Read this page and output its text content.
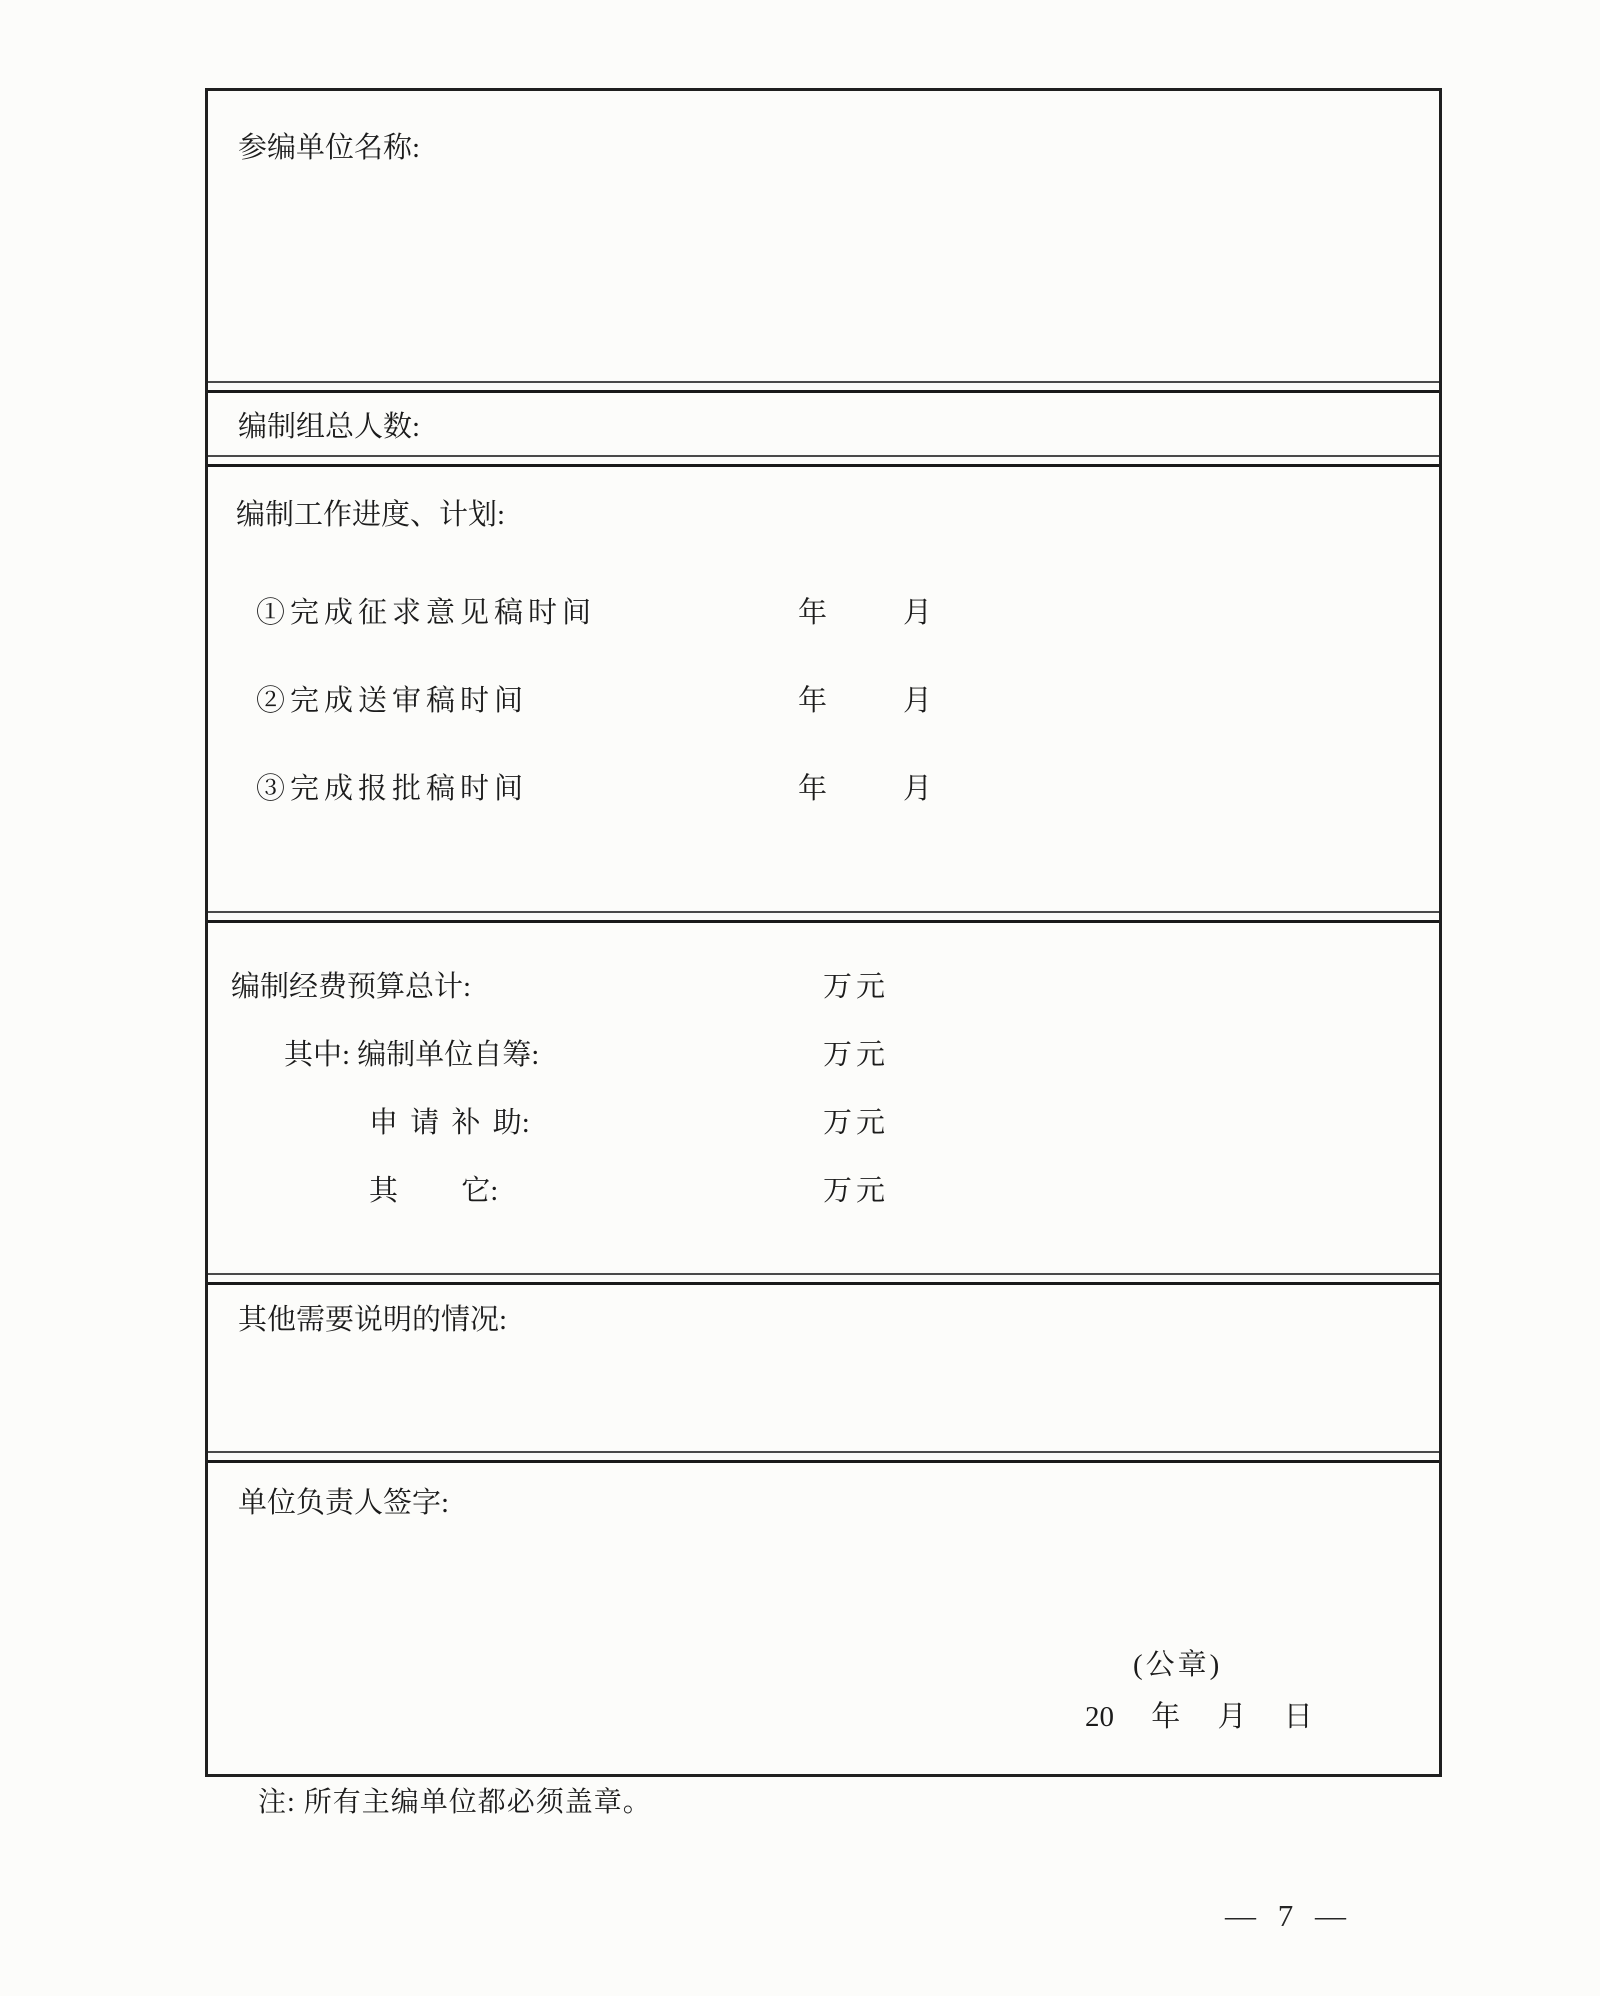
参编单位名称:
编制组总人数:
编制工作进度、计划:
①完成征求意见稿时间	年	月
②完成送审稿时间	年	月
③完成报批稿时间	年	月
编制经费预算总计:	万元
其中: 编制单位自筹:	万元
申 请 补 助:	万元
其 它:	万元
其他需要说明的情况:
单位负责人签字:
(公章)
20 年 月 日
注: 所有主编单位都必须盖章。
— 7 —
